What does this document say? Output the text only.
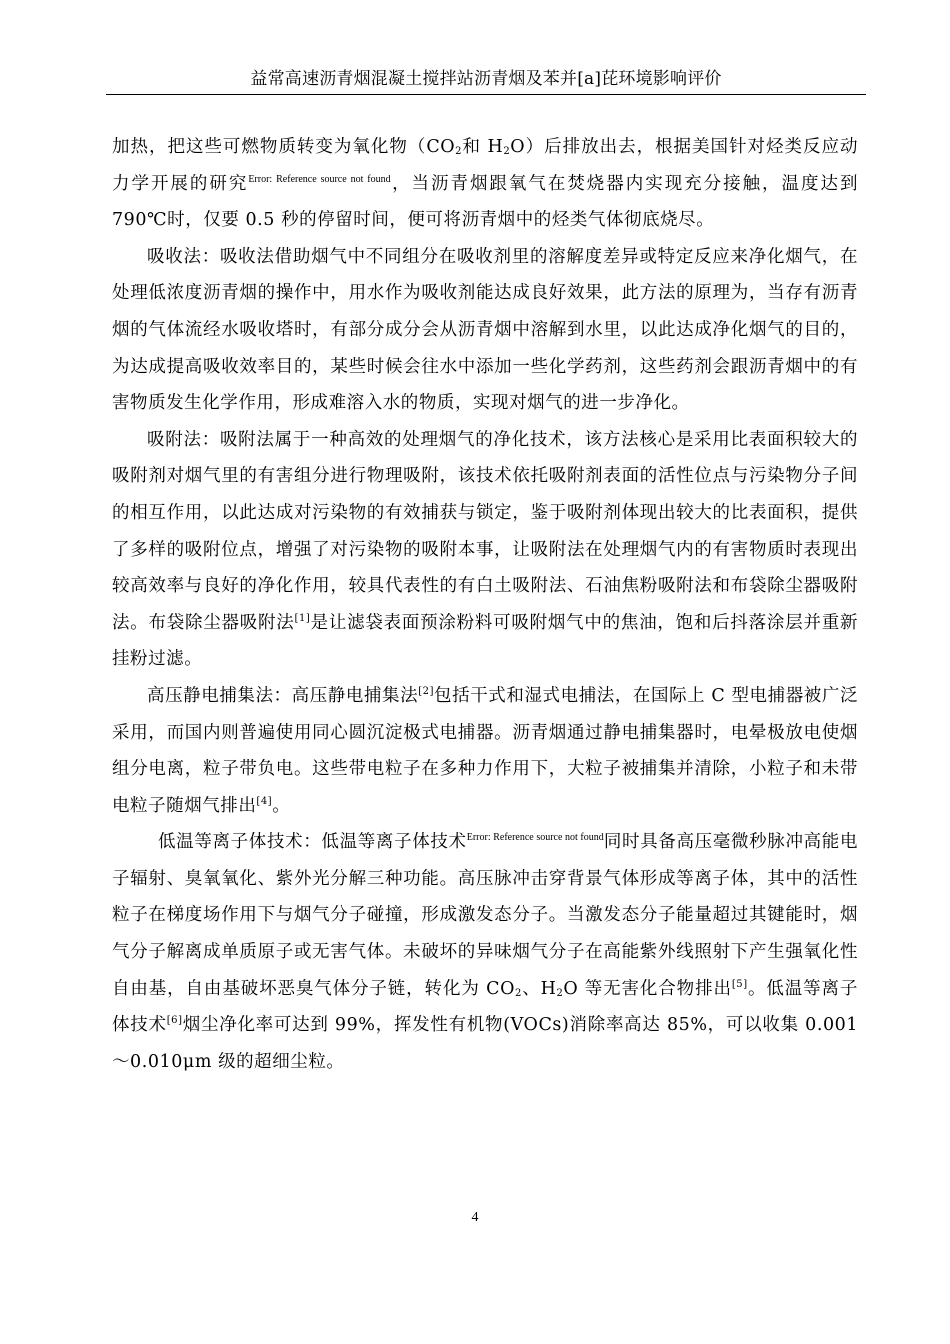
益常高速沥青烟混凝土搅拌站沥青烟及苯并[a]芘环境影响评价

加热，把这些可燃物质转变为氧化物（$CO_2$和 $H_2O$）后排放出去，根据美国针对烃类反应动力学开展的研究$^{Error: Reference source not found}$，当沥青烟跟氧气在焚烧器内实现充分接触，温度达到 790℃时，仅要 0.5 秒的停留时间，便可将沥青烟中的烃类气体彻底烧尽。

吸收法：吸收法借助烟气中不同组分在吸收剂里的溶解度差异或特定反应来净化烟气，在处理低浓度沥青烟的操作中，用水作为吸收剂能达成良好效果，此方法的原理为，当存有沥青烟的气体流经水吸收塔时，有部分成分会从沥青烟中溶解到水里，以此达成净化烟气的目的，为达成提高吸收效率目的，某些时候会往水中添加一些化学药剂，这些药剂会跟沥青烟中的有害物质发生化学作用，形成难溶入水的物质，实现对烟气的进一步净化。

吸附法：吸附法属于一种高效的处理烟气的净化技术，该方法核心是采用比表面积较大的吸附剂对烟气里的有害组分进行物理吸附，该技术依托吸附剂表面的活性位点与污染物分子间的相互作用，以此达成对污染物的有效捕获与锁定，鉴于吸附剂体现出较大的比表面积，提供了多样的吸附位点，增强了对污染物的吸附本事，让吸附法在处理烟气内的有害物质时表现出较高效率与良好的净化作用，较具代表性的有白土吸附法、石油焦粉吸附法和布袋除尘器吸附法。布袋除尘器吸附法[1]是让滤袋表面预涂粉料可吸附烟气中的焦油，饱和后抖落涂层并重新挂粉过滤。

高压静电捕集法：高压静电捕集法[2]包括干式和湿式电捕法，在国际上 C 型电捕器被广泛采用，而国内则普遍使用同心圆沉淀极式电捕器。沥青烟通过静电捕集器时，电晕极放电使烟组分电离，粒子带负电。这些带电粒子在多种力作用下，大粒子被捕集并清除，小粒子和未带电粒子随烟气排出[4]。

低温等离子体技术：低温等离子体技术$^{Error: Reference source not found}$同时具备高压毫微秒脉冲高能电子辐射、臭氧氧化、紫外光分解三种功能。高压脉冲击穿背景气体形成等离子体，其中的活性粒子在梯度场作用下与烟气分子碰撞，形成激发态分子。当激发态分子能量超过其键能时，烟气分子解离成单质原子或无害气体。未破坏的异味烟气分子在高能紫外线照射下产生强氧化性自由基，自由基破坏恶臭气体分子链，转化为 $CO_2$、$H_2O$ 等无害化合物排出[5]。低温等离子体技术[6]烟尘净化率可达到 99%，挥发性有机物(VOCs)消除率高达 85%，可以收集 0.001～0.010μm 级的超细尘粒。

4
